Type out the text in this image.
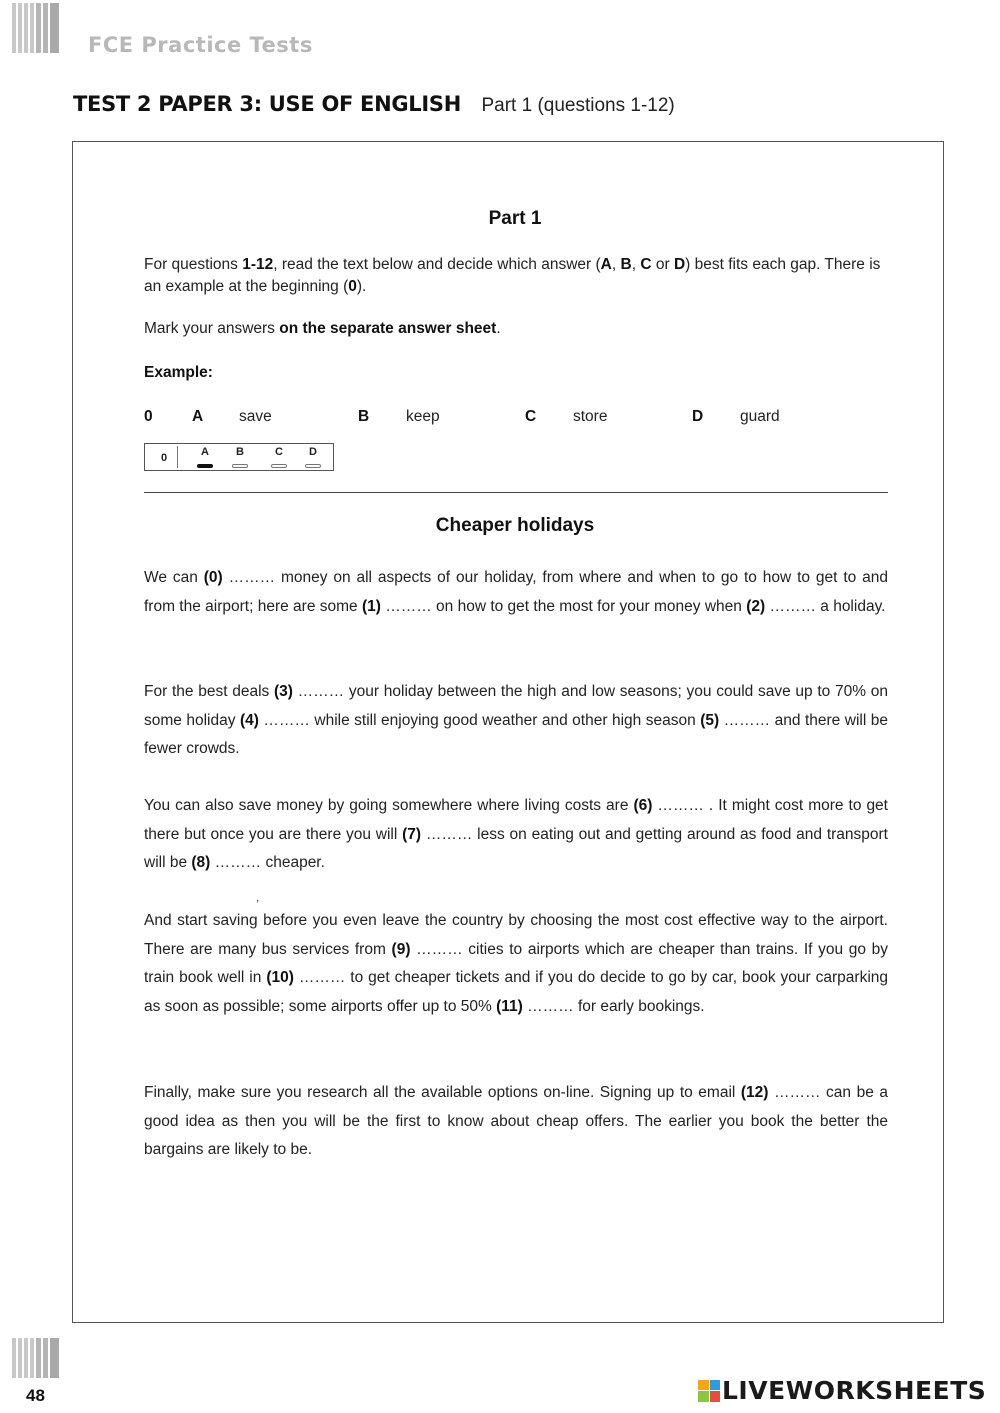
FCE Practice Tests
TEST 2 PAPER 3: USE OF ENGLISH Part 1 (questions 1-12)
Part 1
For questions 1-12, read the text below and decide which answer (A, B, C or D) best fits each gap. There is an example at the beginning (0).
Mark your answers on the separate answer sheet.
Example:
0	A save	B keep	C store	D guard
0	A	B	C	D
Cheaper holidays
We can (0) ……… money on all aspects of our holiday, from where and when to go to how to get to and from the airport; here are some (1) ……… on how to get the most for your money when (2) ……… a holiday.
For the best deals (3) ……… your holiday between the high and low seasons; you could save up to 70% on some holiday (4) ……… while still enjoying good weather and other high season (5) ……… and there will be fewer crowds.
You can also save money by going somewhere where living costs are (6) ……… . It might cost more to get there but once you are there you will (7) ……… less on eating out and getting around as food and transport will be (8) ……… cheaper.
,
And start saving before you even leave the country by choosing the most cost effective way to the airport. There are many bus services from (9) ……… cities to airports which are cheaper than trains. If you go by train book well in (10) ……… to get cheaper tickets and if you do decide to go by car, book your carparking as soon as possible; some airports offer up to 50% (11) ……… for early bookings.
Finally, make sure you research all the available options on-line. Signing up to email (12) ……… can be a good idea as then you will be the first to know about cheap offers. The earlier you book the better the bargains are likely to be.
48	LIVEWORKSHEETS
